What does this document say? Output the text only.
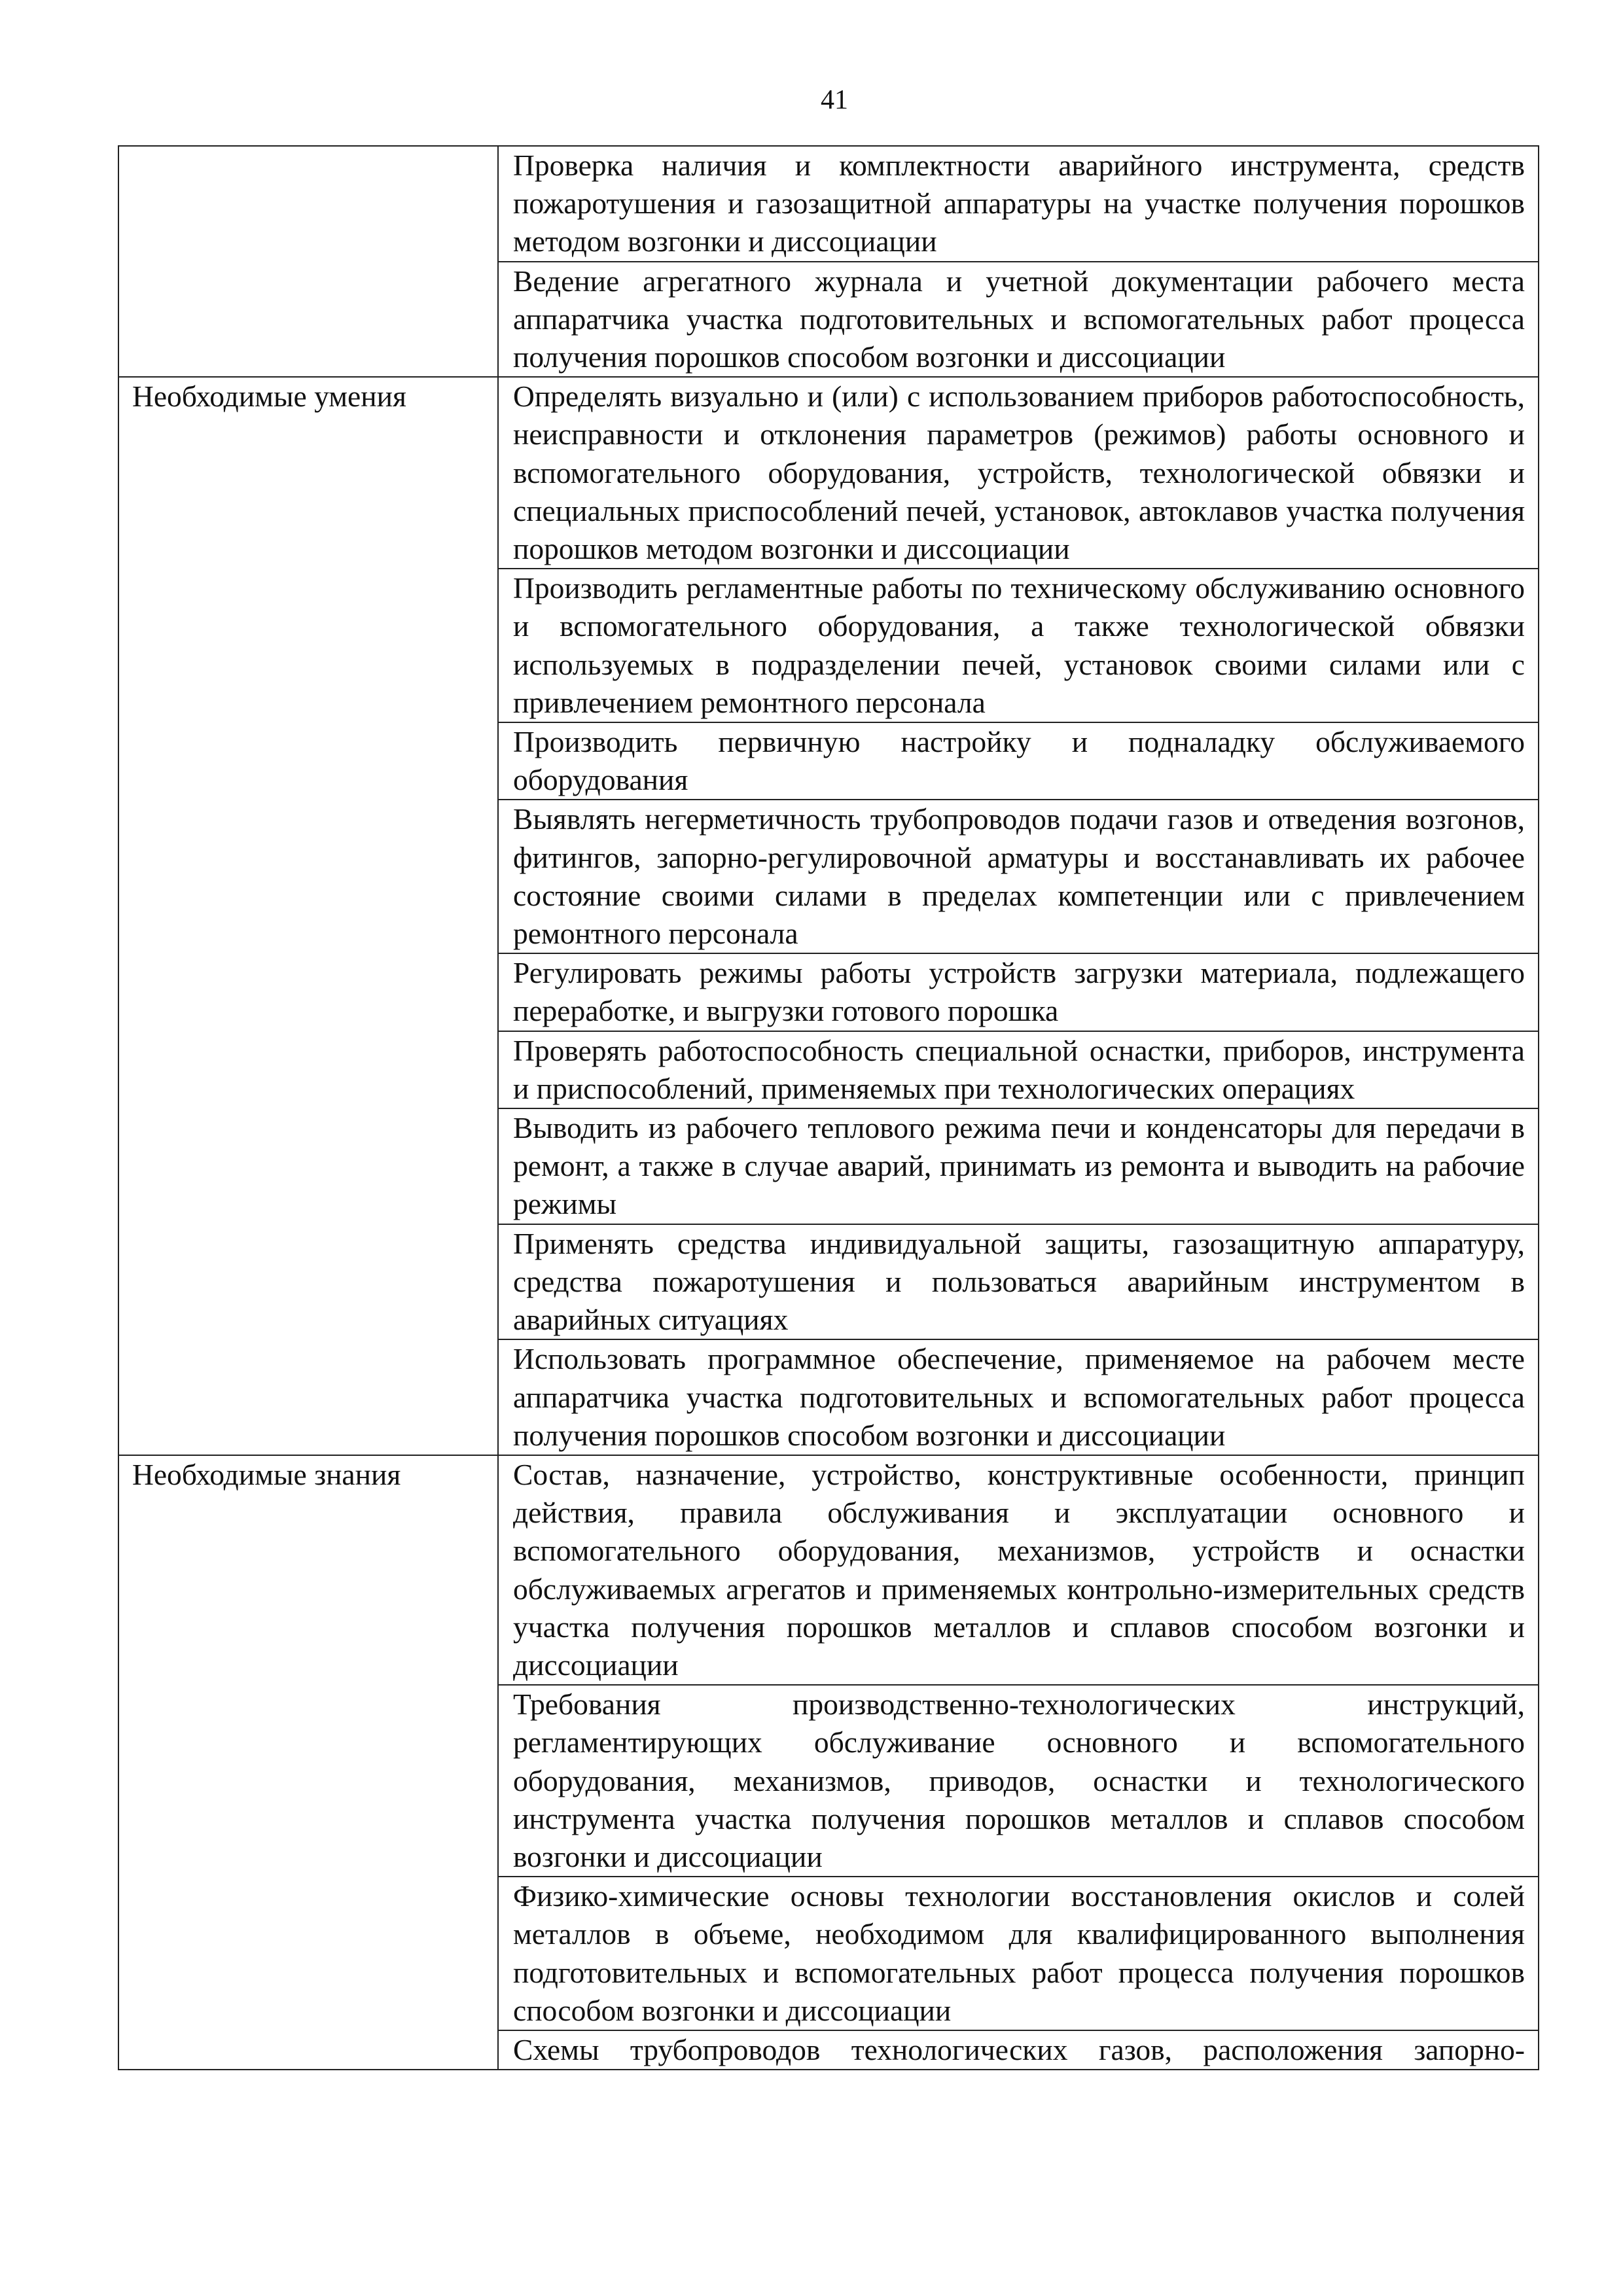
41
	Проверка наличия и комплектности аварийного инструмента, средств пожаротушения и газозащитной аппаратуры на участке получения порошков методом возгонки и диссоциации
	Ведение агрегатного журнала и учетной документации рабочего места аппаратчика участка подготовительных и вспомогательных работ процесса получения порошков способом возгонки и диссоциации
Необходимые умения	Определять визуально и (или) с использованием приборов работоспособность, неисправности и отклонения параметров (режимов) работы основного и вспомогательного оборудования, устройств, технологической обвязки и специальных приспособлений печей, установок, автоклавов участка получения порошков методом возгонки и диссоциации
	Производить регламентные работы по техническому обслуживанию основного и вспомогательного оборудования, а также технологической обвязки используемых в подразделении печей, установок своими силами или с привлечением ремонтного персонала
	Производить первичную настройку и подналадку обслуживаемого оборудования
	Выявлять негерметичность трубопроводов подачи газов и отведения возгонов, фитингов, запорно-регулировочной арматуры и восстанавливать их рабочее состояние своими силами в пределах компетенции или с привлечением ремонтного персонала
	Регулировать режимы работы устройств загрузки материала, подлежащего переработке, и выгрузки готового порошка
	Проверять работоспособность специальной оснастки, приборов, инструмента и приспособлений, применяемых при технологических операциях
	Выводить из рабочего теплового режима печи и конденсаторы для передачи в ремонт, а также в случае аварий, принимать из ремонта и выводить на рабочие режимы
	Применять средства индивидуальной защиты, газозащитную аппаратуру, средства пожаротушения и пользоваться аварийным инструментом в аварийных ситуациях
	Использовать программное обеспечение, применяемое на рабочем месте аппаратчика участка подготовительных и вспомогательных работ процесса получения порошков способом возгонки и диссоциации
Необходимые знания	Состав, назначение, устройство, конструктивные особенности, принцип действия, правила обслуживания и эксплуатации основного и вспомогательного оборудования, механизмов, устройств и оснастки обслуживаемых агрегатов и применяемых контрольно-измерительных средств участка получения порошков металлов и сплавов способом возгонки и диссоциации
	Требования производственно-технологических инструкций, регламентирующих обслуживание основного и вспомогательного оборудования, механизмов, приводов, оснастки и технологического инструмента участка получения порошков металлов и сплавов способом возгонки и диссоциации
	Физико-химические основы технологии восстановления окислов и солей металлов в объеме, необходимом для квалифицированного выполнения подготовительных и вспомогательных работ процесса получения порошков способом возгонки и диссоциации
	Схемы трубопроводов технологических газов, расположения запорно-
